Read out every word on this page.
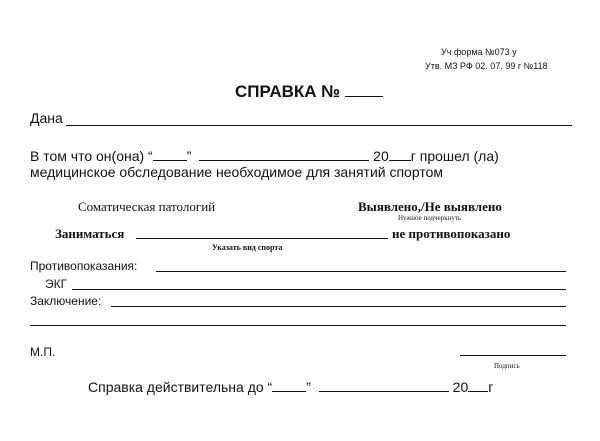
Уч форма №073 у
Утв. МЗ РФ 02. 07. 99 г №118
СПРАВКА №
Дана
В том что он(она) “ ”	20 г прошел (ла)
медицинское обследование необходимое для занятий спортом
Соматическая патологий	Выявлено,/Не выявлено
Нужное подчеркнуть
Заниматься	не противопоказано
Указать вид спорта
Противопоказания:
ЭКГ
Заключение:
М.П.
Подпись
Справка действительна до “ ”	20 г
